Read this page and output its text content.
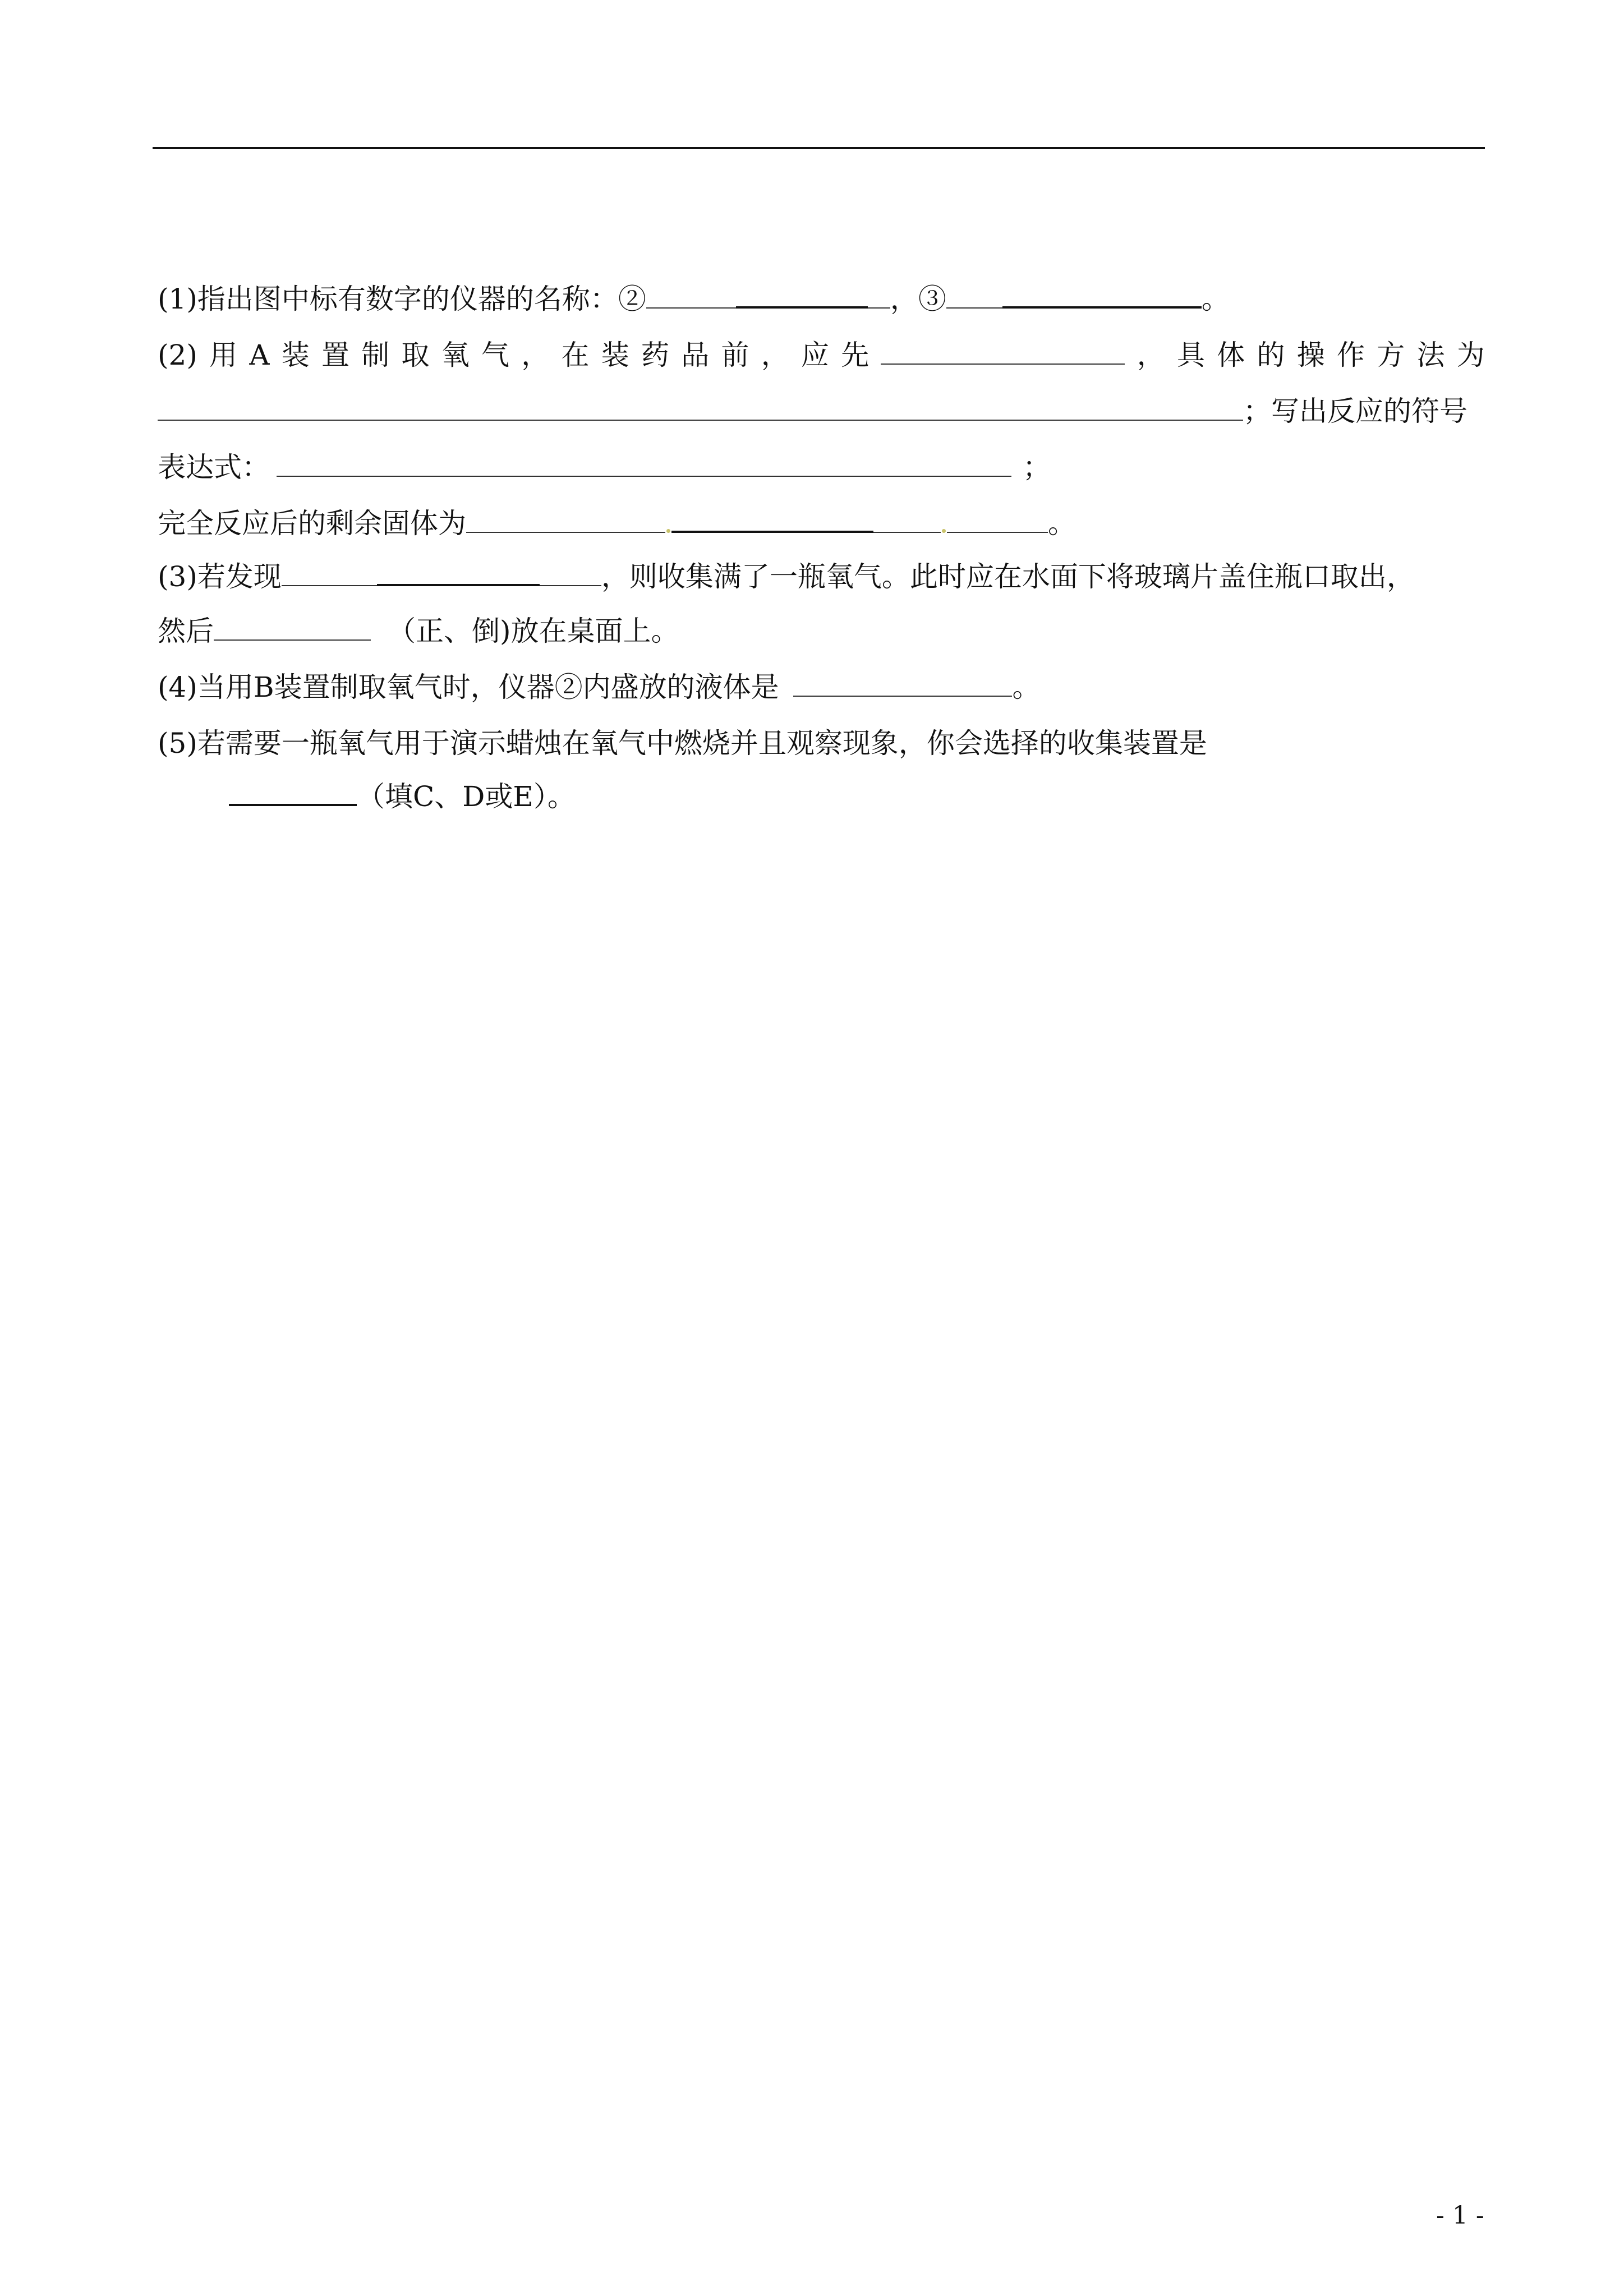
(1)指出图中标有数字的仪器的名称：②	，③	。
(2) 用 A 装 置 制 取 氧 气 ， 在 装 药 品 前 ， 应 先	， 具 体 的 操 作 方 法 为
；写出反应的符号
表达式：	；
完全反应后的剩余固体为	。
(3)若发现	，则收集满了一瓶氧气。此时应在水面下将玻璃片盖住瓶口取出，
然后	（正、倒)放在桌面上。
(4)当用B装置制取氧气时，仪器②内盛放的液体是	。
(5)若需要一瓶氧气用于演示蜡烛在氧气中燃烧并且观察现象，你会选择的收集装置是
（填C、D或E）。
- 1 -
